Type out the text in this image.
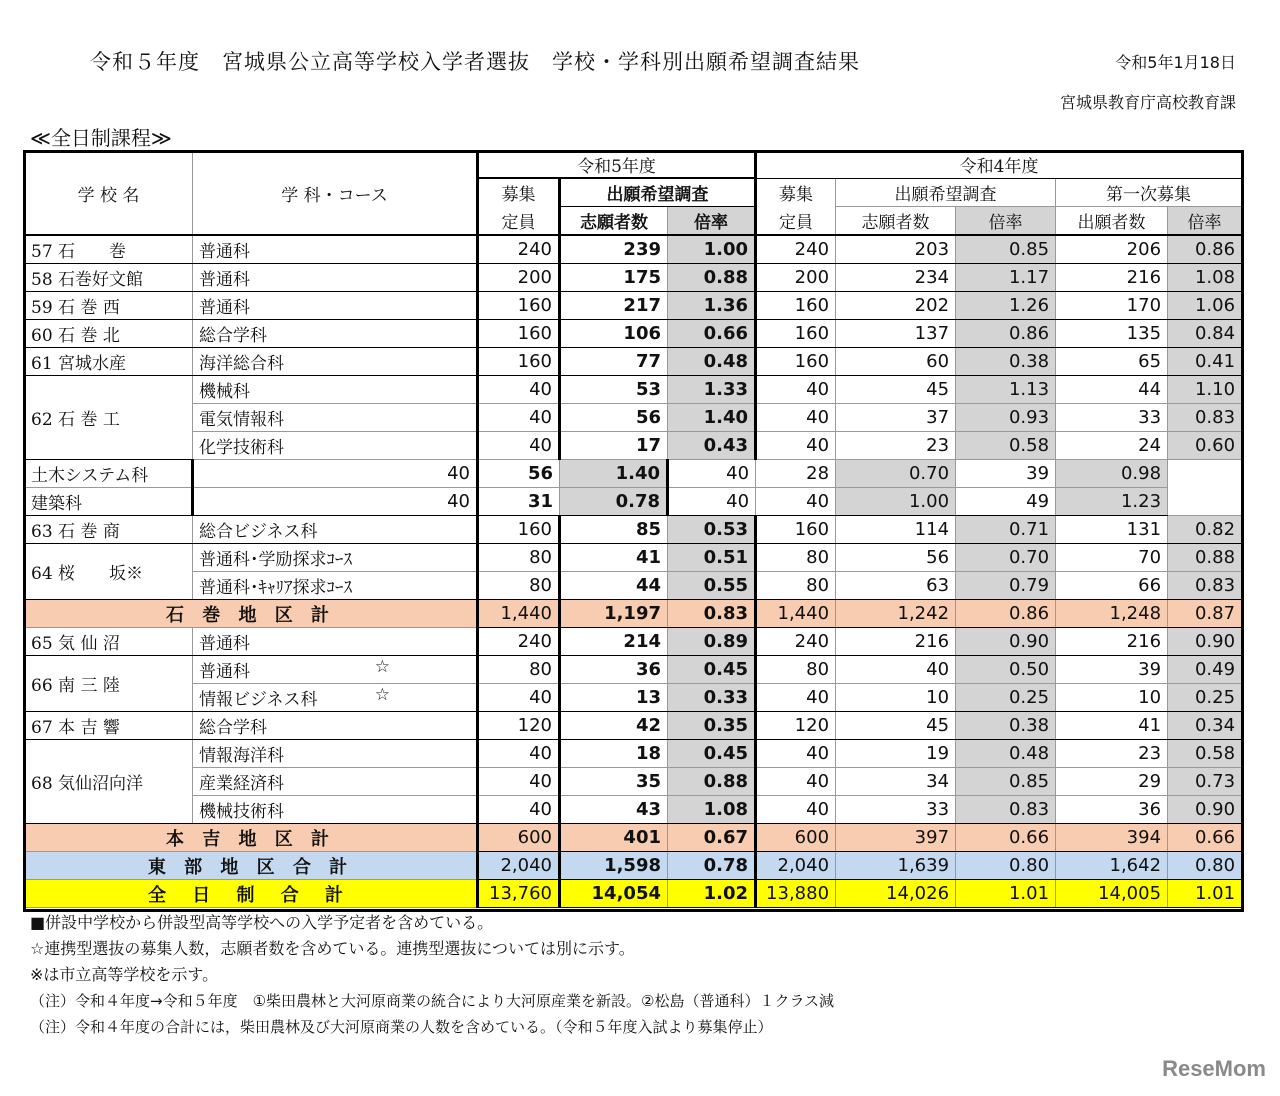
令和５年度　宮城県公立高等学校入学者選抜　学校・学科別出願希望調査結果	令和5年1月18日
宮城県教育庁高校教育課
≪全日制課程≫
学 校 名	学 科・コース	令和5年度			令和4年度				
		募集	出願希望調査		募集	出願希望調査		第一次募集	
		定員	志願者数	倍率	定員	志願者数	倍率	出願者数	倍率
57 石　　巻	普通科	240	239	1.00	240	203	0.85	206	0.86
58 石巻好文館	普通科	200	175	0.88	200	234	1.17	216	1.08
59 石 巻 西	普通科	160	217	1.36	160	202	1.26	170	1.06
60 石 巻 北	総合学科	160	106	0.66	160	137	0.86	135	0.84
61 宮城水産	海洋総合科	160	77	0.48	160	60	0.38	65	0.41
62 石 巻 工	機械科	40	53	1.33	40	45	1.13	44	1.10
	電気情報科	40	56	1.40	40	37	0.93	33	0.83
	化学技術科	40	17	0.43	40	23	0.58	24	0.60
土木システム科	40	56	1.40	40	28	0.70	39	0.98	
建築科	40	31	0.78	40	40	1.00	49	1.23	
63 石 巻 商	総合ビジネス科	160	85	0.53	160	114	0.71	131	0.82
64 桜　　坂※	普通科･学励探求ｺｰｽ	80	41	0.51	80	56	0.70	70	0.88
	普通科･ｷｬﾘｱ探求ｺｰｽ	80	44	0.55	80	63	0.79	66	0.83
石 巻 地 区 計		1,440	1,197	0.83	1,440	1,242	0.86	1,248	0.87
65 気 仙 沼	普通科	240	214	0.89	240	216	0.90	216	0.90
66 南 三 陸	普通科 ☆	80	36	0.45	80	40	0.50	39	0.49
	情報ビジネス科 ☆	40	13	0.33	40	10	0.25	10	0.25
67 本 吉 響	総合学科	120	42	0.35	120	45	0.38	41	0.34
68 気仙沼向洋	情報海洋科	40	18	0.45	40	19	0.48	23	0.58
	産業経済科	40	35	0.88	40	34	0.85	29	0.73
	機械技術科	40	43	1.08	40	33	0.83	36	0.90
本 吉 地 区 計		600	401	0.67	600	397	0.66	394	0.66
東 部 地 区 合 計		2,040	1,598	0.78	2,040	1,639	0.80	1,642	0.80
全 日 制 合 計		13,760	14,054	1.02	13,880	14,026	1.01	14,005	1.01
■併設中学校から併設型高等学校への入学予定者を含めている。
☆連携型選抜の募集人数，志願者数を含めている。連携型選抜については別に示す。
※は市立高等学校を示す。
（注）令和４年度→令和５年度　①柴田農林と大河原商業の統合により大河原産業を新設。②松島（普通科）１クラス減
（注）令和４年度の合計には，柴田農林及び大河原商業の人数を含めている。（令和５年度入試より募集停止）
ReseMom
